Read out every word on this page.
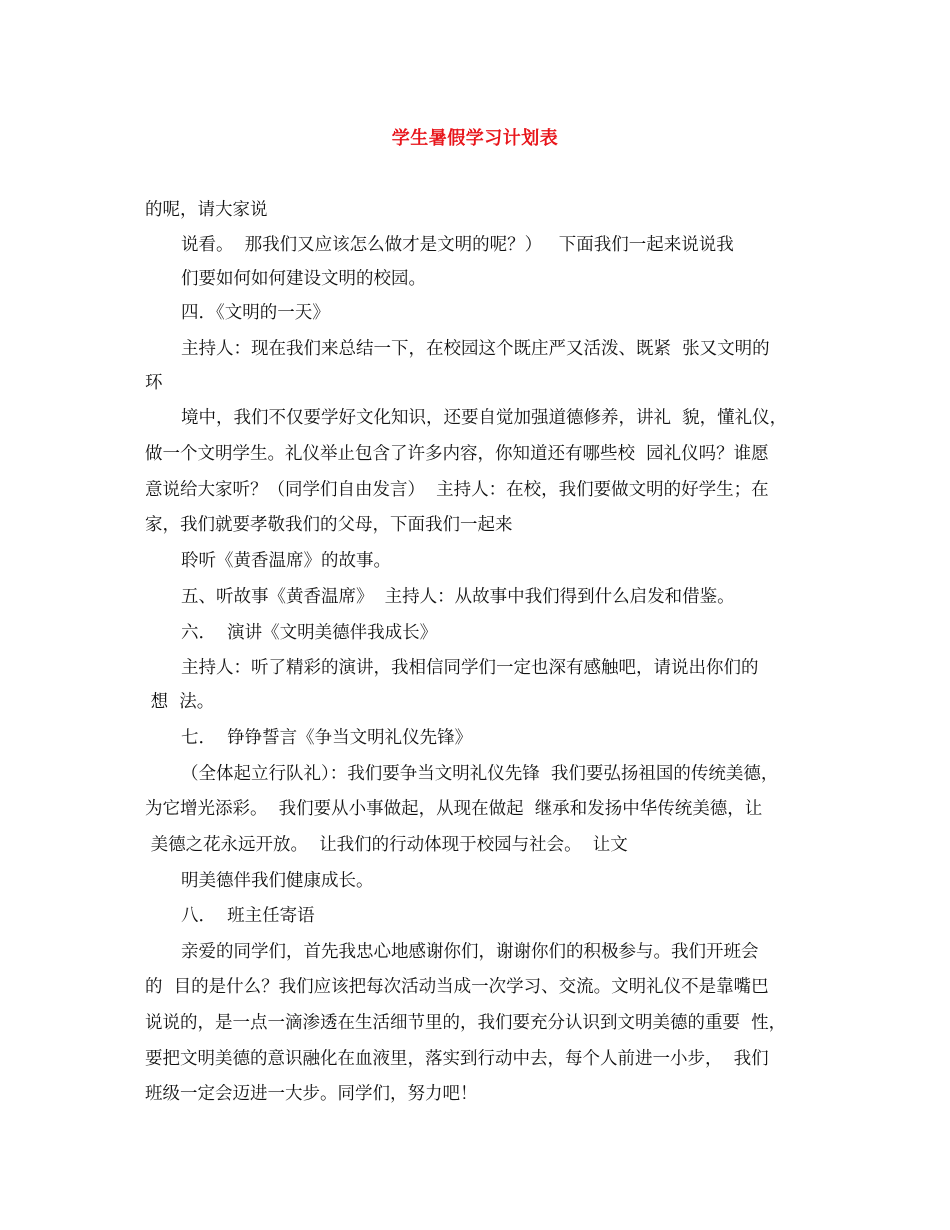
学生暑假学习计划表
的呢，请大家说
说看。  那我们又应该怎么做才是文明的呢？）   下面我们一起来说说我
们要如何如何建设文明的校园。
四．《文明的一天》
主持人：现在我们来总结一下，在校园这个既庄严又活泼、既紧  张又文明的
环
境中，我们不仅要学好文化知识，还要自觉加强道德修养，讲礼  貌，懂礼仪，
做一个文明学生。礼仪举止包含了许多内容，你知道还有哪些校  园礼仪吗？谁愿
意说给大家听？（同学们自由发言）  主持人：在校，我们要做文明的好学生；在
家，我们就要孝敬我们的父母，下面我们一起来
聆听《黄香温席》的故事。
五、听故事《黄香温席》  主持人：从故事中我们得到什么启发和借鉴。
六．  演讲《文明美德伴我成长》
主持人：听了精彩的演讲，我相信同学们一定也深有感触吧，请说出你们的
想  法。
七．  铮铮誓言《争当文明礼仪先锋》
（全体起立行队礼）：我们要争当文明礼仪先锋  我们要弘扬祖国的传统美德，
为它增光添彩。  我们要从小事做起，从现在做起  继承和发扬中华传统美德，让
美德之花永远开放。  让我们的行动体现于校园与社会。  让文
明美德伴我们健康成长。
八．  班主任寄语
亲爱的同学们，首先我忠心地感谢你们，谢谢你们的积极参与。我们开班会
的  目的是什么？我们应该把每次活动当成一次学习、交流。文明礼仪不是靠嘴巴
说说的，是一点一滴渗透在生活细节里的，我们要充分认识到文明美德的重要  性，
要把文明美德的意识融化在血液里，落实到行动中去，每个人前进一小步，  我们
班级一定会迈进一大步。同学们，努力吧！
